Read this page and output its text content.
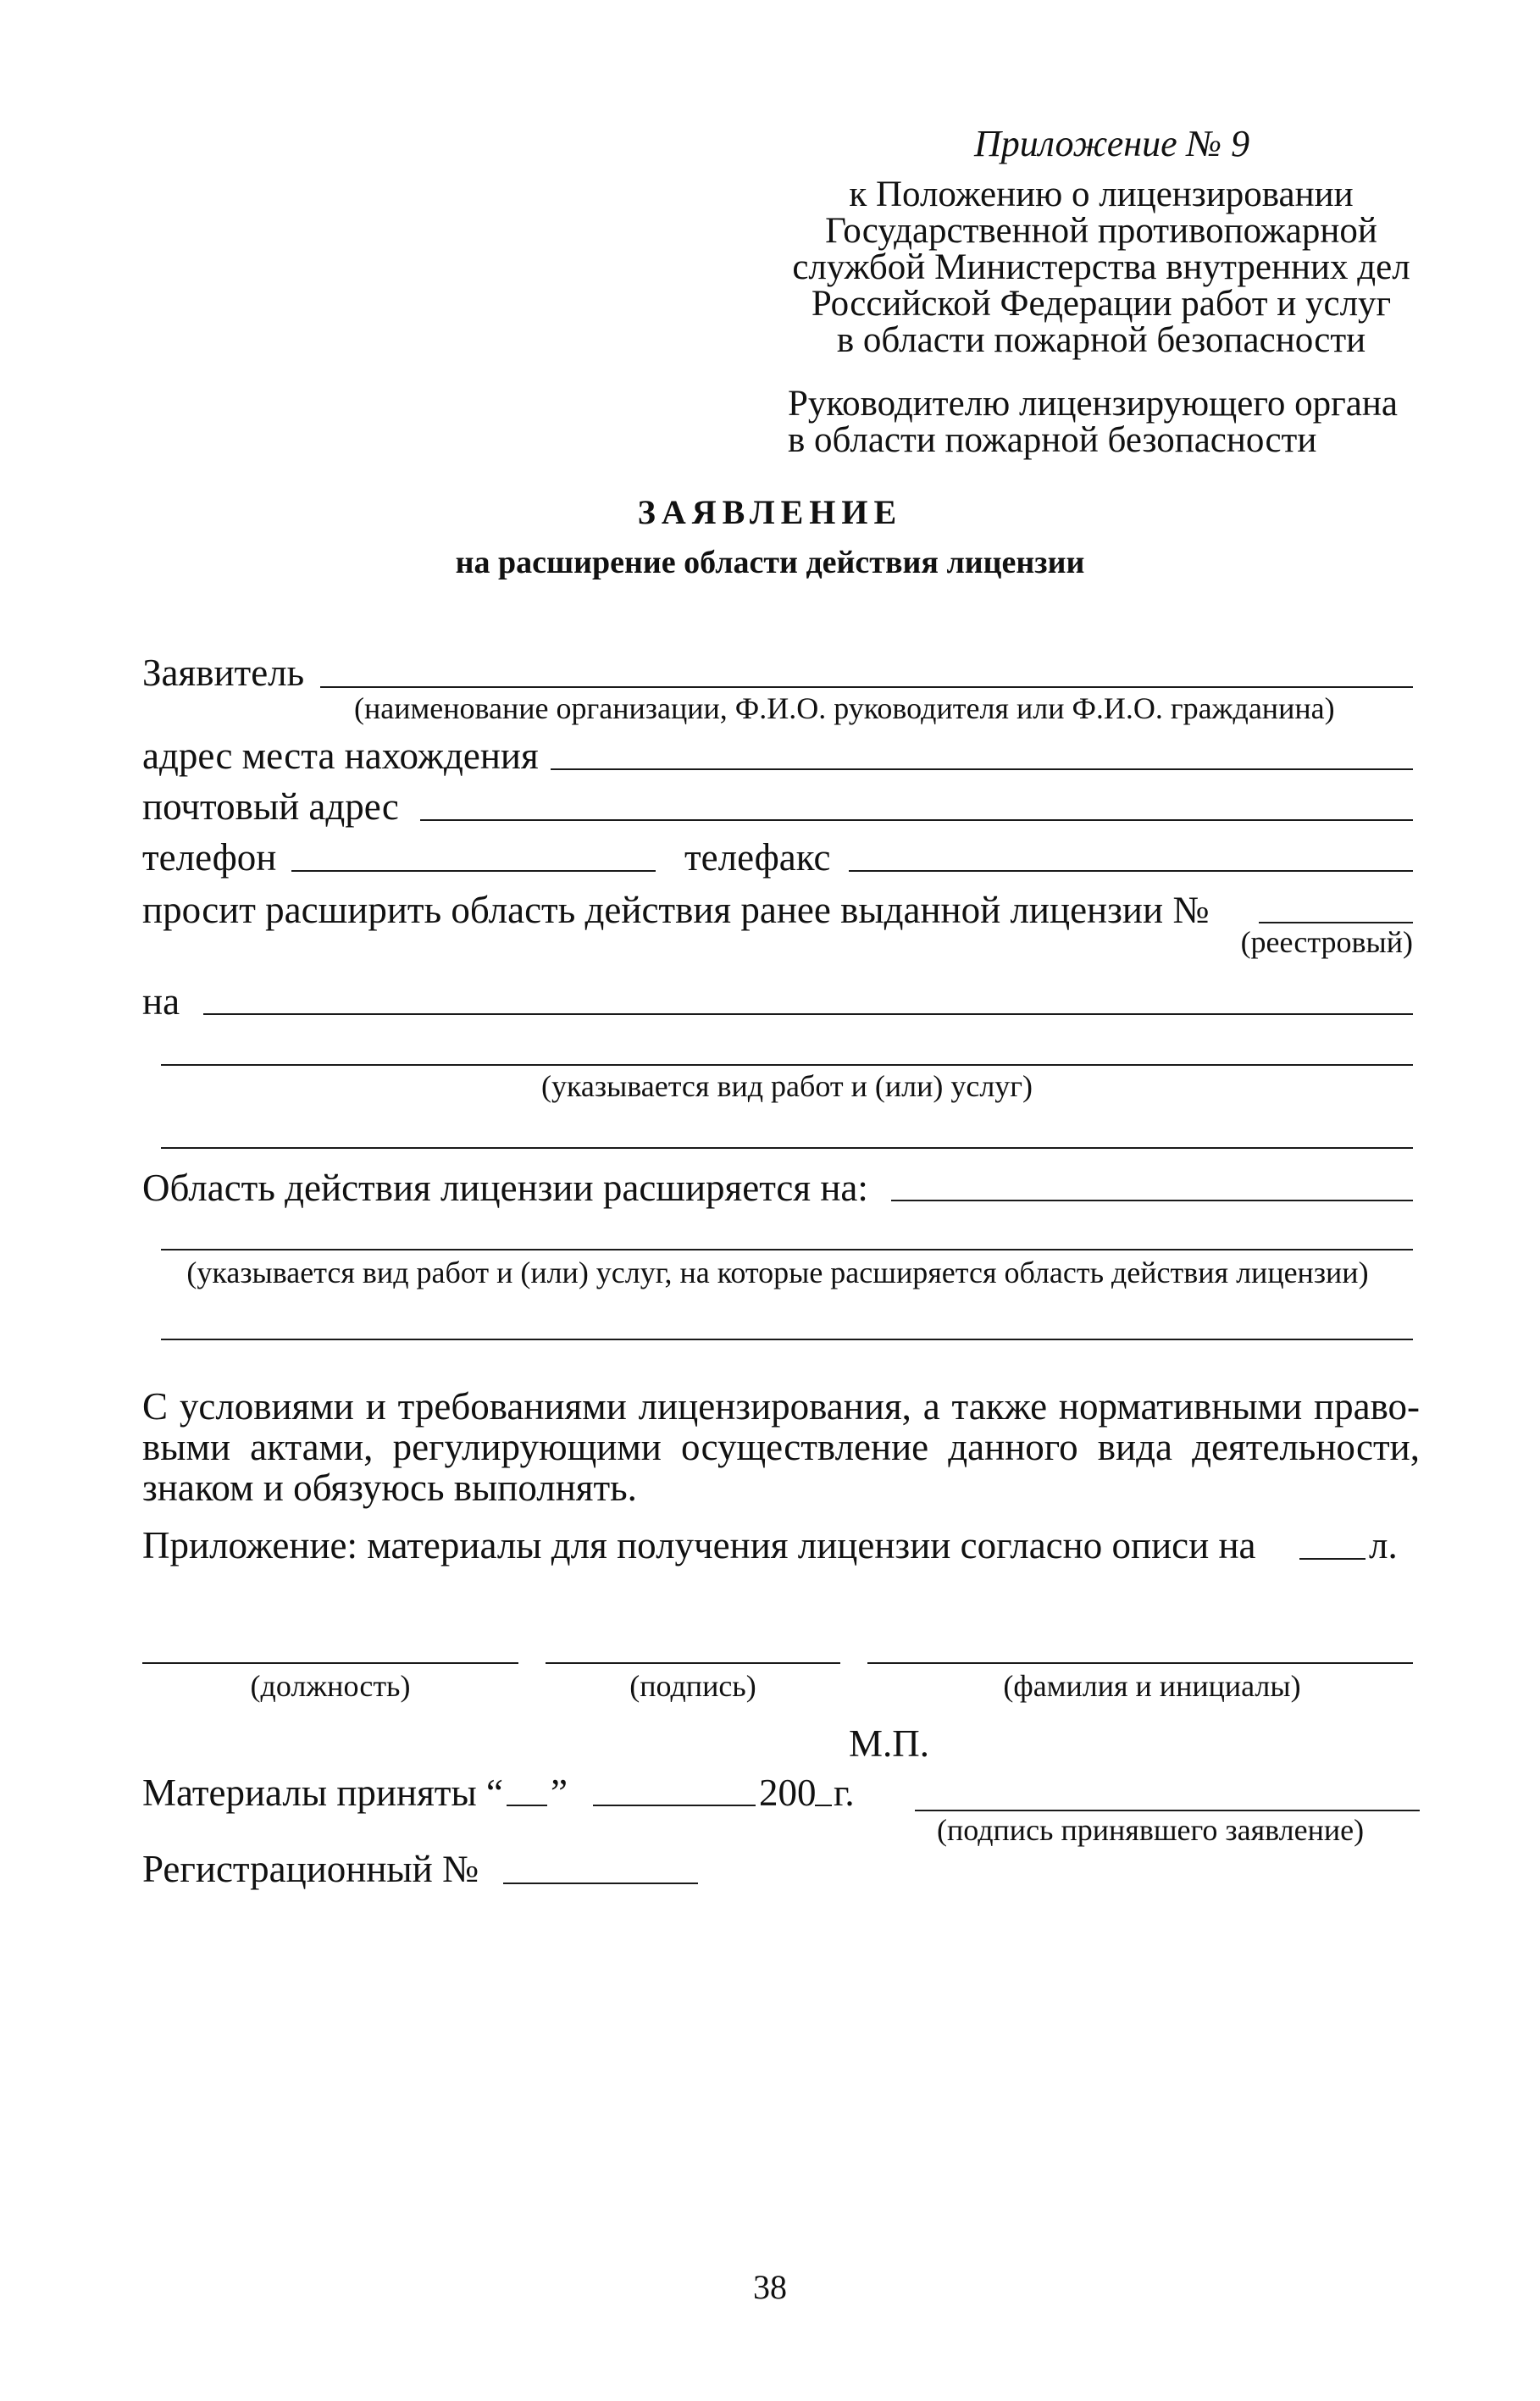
Приложение № 9
к Положению о лицензировании
Государственной противопожарной
службой Министерства внутренних дел
Российской Федерации работ и услуг
в области пожарной безопасности
Руководителю лицензирующего органа
в области пожарной безопасности
ЗАЯВЛЕНИЕ
на расширение области действия лицензии
Заявитель
(наименование организации, Ф.И.О. руководителя или Ф.И.О. гражданина)
адрес места нахождения
почтовый адрес
телефон	телефакс
просит расширить область действия ранее выданной лицензии №
(реестровый)
на
(указывается вид работ и (или) услуг)
Область действия лицензии расширяется на:
(указывается вид работ и (или) услуг, на которые расширяется область действия лицензии)
С условиями и требованиями лицензирования, а также нормативными право-
выми актами, регулирующими осуществление данного вида деятельности,
знаком и обязуюсь выполнять.
Приложение: материалы для получения лицензии согласно описи на	л.
(должность)	(подпись)	(фамилия и инициалы)
М.П.
Материалы приняты “ ”	200 г.
(подпись принявшего заявление)
Регистрационный №
38
